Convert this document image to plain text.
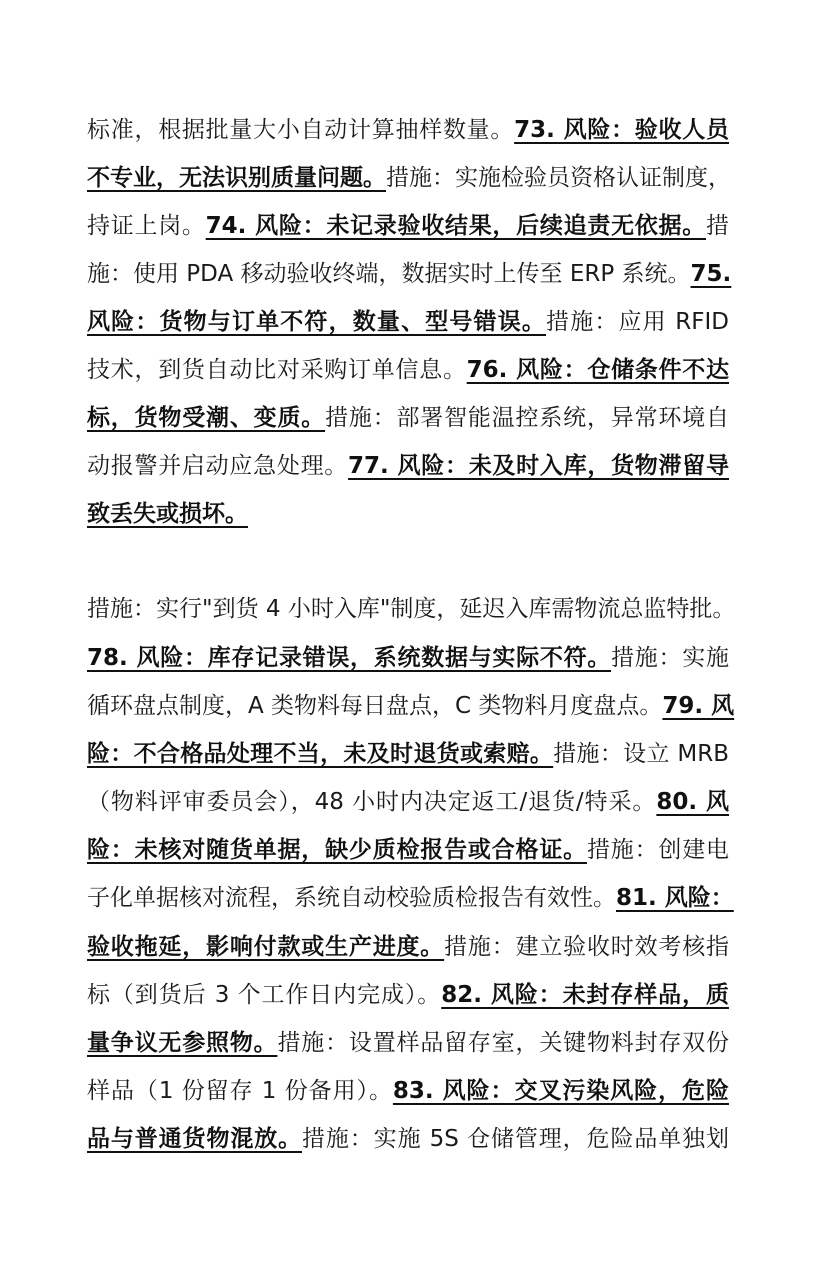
标准，根据批量大小自动计算抽样数量。73. 风险：验收人员
不专业，无法识别质量问题。措施：实施检验员资格认证制度，
持证上岗。74. 风险：未记录验收结果，后续追责无依据。措
施：使用 PDA 移动验收终端，数据实时上传至 ERP 系统。75.
风险：货物与订单不符，数量、型号错误。措施：应用 RFID
技术，到货自动比对采购订单信息。76. 风险：仓储条件不达
标，货物受潮、变质。措施：部署智能温控系统，异常环境自
动报警并启动应急处理。77. 风险：未及时入库，货物滞留导
致丢失或损坏。
措施：实行"到货 4 小时入库"制度，延迟入库需物流总监特批。
78. 风险：库存记录错误，系统数据与实际不符。措施：实施
循环盘点制度，A 类物料每日盘点，C 类物料月度盘点。79. 风
险：不合格品处理不当，未及时退货或索赔。措施：设立 MRB
（物料评审委员会），48 小时内决定返工/退货/特采。80. 风
险：未核对随货单据，缺少质检报告或合格证。措施：创建电
子化单据核对流程，系统自动校验质检报告有效性。81. 风险：
验收拖延，影响付款或生产进度。措施：建立验收时效考核指
标（到货后 3 个工作日内完成）。82. 风险：未封存样品，质
量争议无参照物。措施：设置样品留存室，关键物料封存双份
样品（1 份留存 1 份备用）。83. 风险：交叉污染风险，危险
品与普通货物混放。措施：实施 5S 仓储管理，危险品单独划
